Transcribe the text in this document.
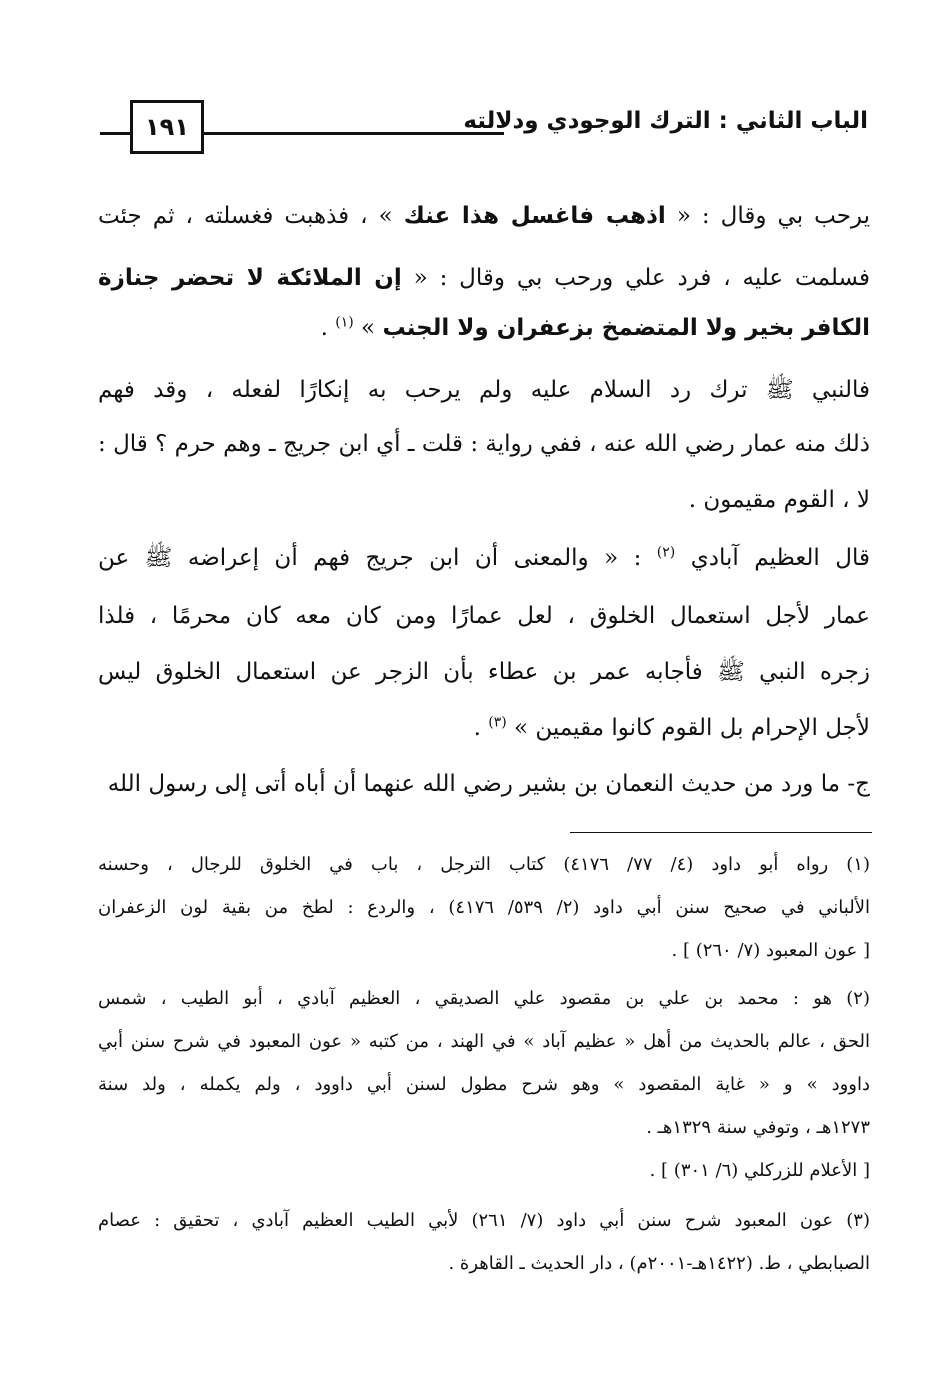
١٩١	الباب الثاني : الترك الوجودي ودلالته
يرحب بي وقال : « اذهب فاغسل هذا عنك » ، فذهبت فغسلته ، ثم جئت
فسلمت عليه ، فرد علي ورحب بي وقال : « إن الملائكة لا تحضر جنازة
الكافر بخير ولا المتضمخ بزعفران ولا الجنب » $^{(١)}$ .
فالنبي ﷺ ترك رد السلام عليه ولم يرحب به إنكارًا لفعله ، وقد فهم
ذلك منه عمار رضي الله عنه ، ففي رواية : قلت ـ أي ابن جريج ـ وهم حرم ؟ قال :
لا ، القوم مقيمون .
قال العظيم آبادي $^{(٢)}$ : « والمعنى أن ابن جريج فهم أن إعراضه ﷺ عن
عمار لأجل استعمال الخلوق ، لعل عمارًا ومن كان معه كان محرمًا ، فلذا
زجره النبي ﷺ فأجابه عمر بن عطاء بأن الزجر عن استعمال الخلوق ليس
لأجل الإحرام بل القوم كانوا مقيمين » $^{(٣)}$ .
ج- ما ورد من حديث النعمان بن بشير رضي الله عنهما أن أباه أتى إلى رسول الله
(١) رواه أبو داود (٤/ ٧٧/ ٤١٧٦) كتاب الترجل ، باب في الخلوق للرجال ، وحسنه
الألباني في صحيح سنن أبي داود (٢/ ٥٣٩/ ٤١٧٦) ، والردع : لطخ من بقية لون الزعفران
[ عون المعبود (٧/ ٢٦٠) ] .
(٢) هو : محمد بن علي بن مقصود علي الصديقي ، العظيم آبادي ، أبو الطيب ، شمس
الحق ، عالم بالحديث من أهل « عظيم آباد » في الهند ، من كتبه « عون المعبود في شرح سنن أبي
داوود » و « غاية المقصود » وهو شرح مطول لسنن أبي داوود ، ولم يكمله ، ولد سنة
١٢٧٣هـ ، وتوفي سنة ١٣٢٩هـ .
[ الأعلام للزركلي (٦/ ٣٠١) ] .
(٣) عون المعبود شرح سنن أبي داود (٧/ ٢٦١) لأبي الطيب العظيم آبادي ، تحقيق : عصام
الصبابطي ، ط. (١٤٢٢هـ-٢٠٠١م) ، دار الحديث ـ القاهرة .
